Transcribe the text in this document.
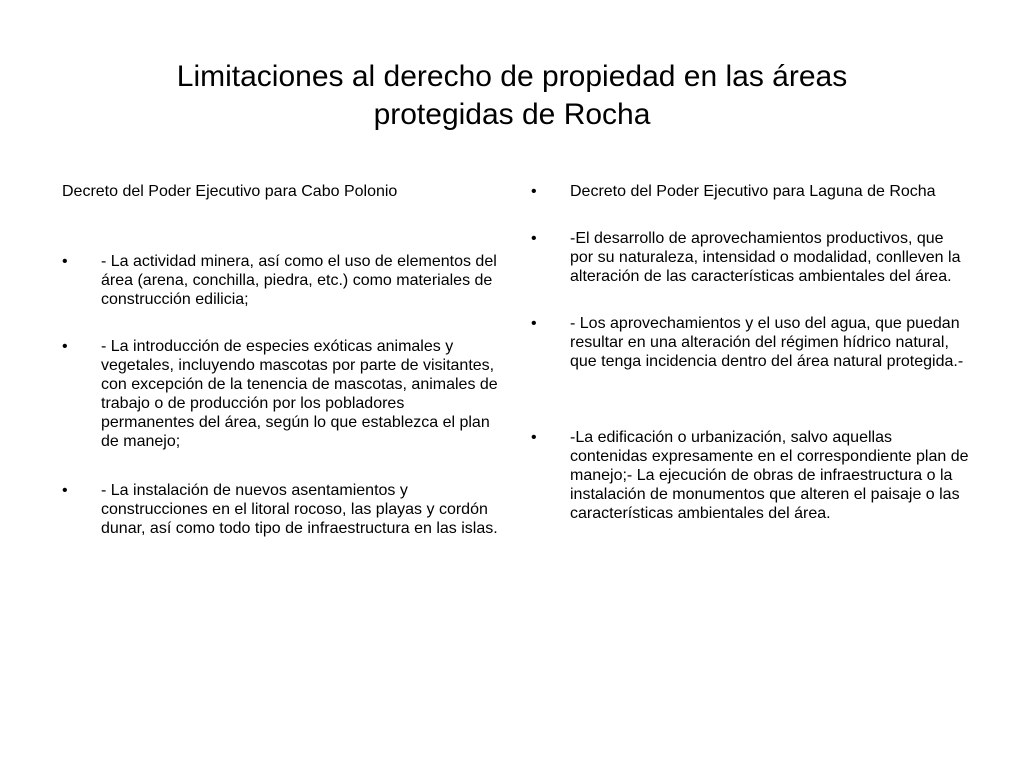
Limitaciones al derecho de propiedad en las áreas
protegidas de Rocha

Decreto del Poder Ejecutivo para Cabo Polonio

• - La actividad minera, así como el uso de elementos del área (arena, conchilla, piedra, etc.) como materiales de construcción edilicia;
• - La introducción de especies exóticas animales y vegetales, incluyendo mascotas por parte de visitantes, con excepción de la tenencia de mascotas, animales de trabajo o de producción por los pobladores permanentes del área, según lo que establezca el plan de manejo;
• - La instalación de nuevos asentamientos y construcciones en el litoral rocoso, las playas y cordón dunar, así como todo tipo de infraestructura en las islas.
• Decreto del Poder Ejecutivo para Laguna de Rocha
• -El desarrollo de aprovechamientos productivos, que por su naturaleza, intensidad o modalidad, conlleven la alteración de las características ambientales del área.
• - Los aprovechamientos y el uso del agua, que puedan resultar en una alteración del régimen hídrico natural, que tenga incidencia dentro del área natural protegida.-
• -La edificación o urbanización, salvo aquellas contenidas expresamente en el correspondiente plan de manejo;- La ejecución de obras de infraestructura o la instalación de monumentos que alteren el paisaje o las características ambientales del área.
